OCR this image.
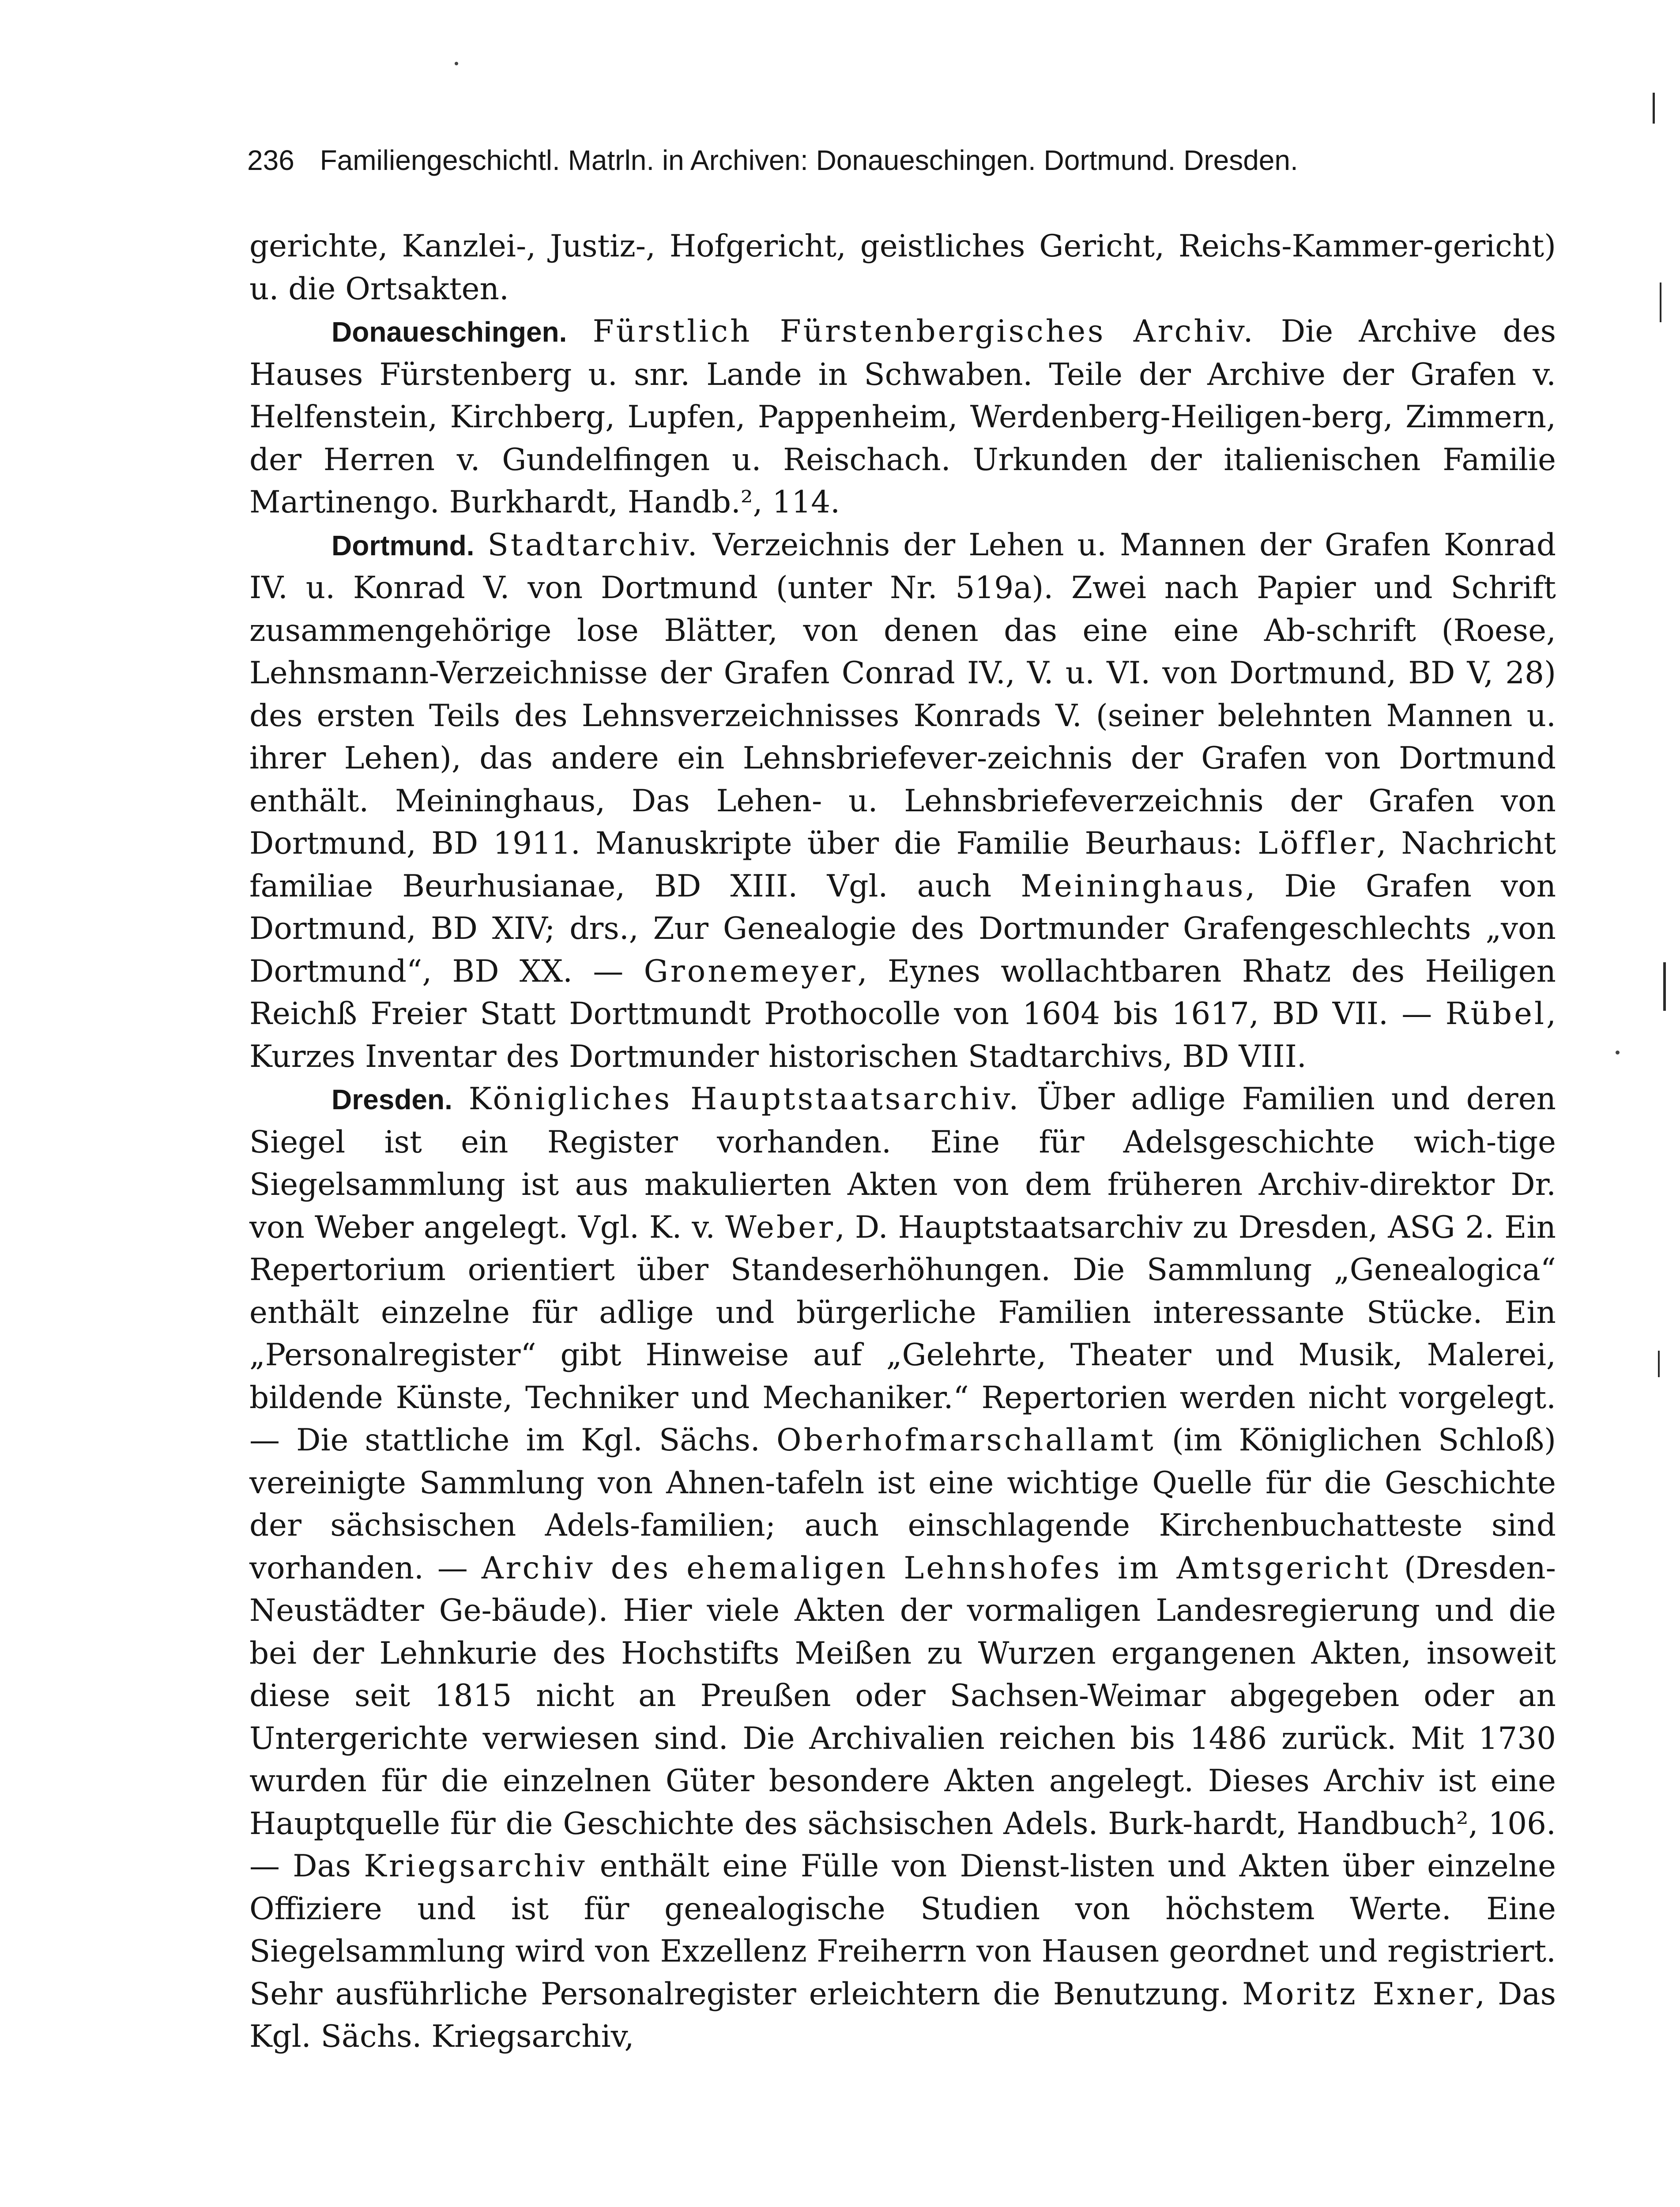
236 Familiengeschichtl. Matrln. in Archiven: Donaueschingen. Dortmund. Dresden.

gerichte, Kanzlei-, Justiz-, Hofgericht, geistliches Gericht, Reichs-Kammer-gericht) u. die Ortsakten.

Donaueschingen. Fürstlich Fürstenbergisches Archiv. Die Archive des Hauses Fürstenberg u. snr. Lande in Schwaben. Teile der Archive der Grafen v. Helfenstein, Kirchberg, Lupfen, Pappenheim, Werdenberg-Heiligen-berg, Zimmern, der Herren v. Gundelfingen u. Reischach. Urkunden der italienischen Familie Martinengo. Burkhardt, Handb.², 114.

Dortmund. Stadtarchiv. Verzeichnis der Lehen u. Mannen der Grafen Konrad IV. u. Konrad V. von Dortmund (unter Nr. 519a). Zwei nach Papier und Schrift zusammengehörige lose Blätter, von denen das eine eine Ab-schrift (Roese, Lehnsmann-Verzeichnisse der Grafen Conrad IV., V. u. VI. von Dortmund, BD V, 28) des ersten Teils des Lehnsverzeichnisses Konrads V. (seiner belehnten Mannen u. ihrer Lehen), das andere ein Lehnsbriefever-zeichnis der Grafen von Dortmund enthält. Meininghaus, Das Lehen- u. Lehnsbriefeverzeichnis der Grafen von Dortmund, BD 1911. Manuskripte über die Familie Beurhaus: Löffler, Nachricht familiae Beurhusianae, BD XIII. Vgl. auch Meininghaus, Die Grafen von Dortmund, BD XIV; drs., Zur Genealogie des Dortmunder Grafengeschlechts „von Dortmund“, BD XX. — Gronemeyer, Eynes wollachtbaren Rhatz des Heiligen Reichß Freier Statt Dorttmundt Prothocolle von 1604 bis 1617, BD VII. — Rübel, Kurzes Inventar des Dortmunder historischen Stadtarchivs, BD VIII.

Dresden. Königliches Hauptstaatsarchiv. Über adlige Familien und deren Siegel ist ein Register vorhanden. Eine für Adelsgeschichte wich-tige Siegelsammlung ist aus makulierten Akten von dem früheren Archiv-direktor Dr. von Weber angelegt. Vgl. K. v. Weber, D. Hauptstaatsarchiv zu Dresden, ASG 2. Ein Repertorium orientiert über Standeserhöhungen. Die Sammlung „Genealogica“ enthält einzelne für adlige und bürgerliche Familien interessante Stücke. Ein „Personalregister“ gibt Hinweise auf „Gelehrte, Theater und Musik, Malerei, bildende Künste, Techniker und Mechaniker.“ Repertorien werden nicht vorgelegt. — Die stattliche im Kgl. Sächs. Oberhofmarschallamt (im Königlichen Schloß) vereinigte Sammlung von Ahnen-tafeln ist eine wichtige Quelle für die Geschichte der sächsischen Adels-familien; auch einschlagende Kirchenbuchatteste sind vorhanden. — Archiv des ehemaligen Lehnshofes im Amtsgericht (Dresden-Neustädter Ge-bäude). Hier viele Akten der vormaligen Landesregierung und die bei der Lehnkurie des Hochstifts Meißen zu Wurzen ergangenen Akten, insoweit diese seit 1815 nicht an Preußen oder Sachsen-Weimar abgegeben oder an Untergerichte verwiesen sind. Die Archivalien reichen bis 1486 zurück. Mit 1730 wurden für die einzelnen Güter besondere Akten angelegt. Dieses Archiv ist eine Hauptquelle für die Geschichte des sächsischen Adels. Burk-hardt, Handbuch², 106. — Das Kriegsarchiv enthält eine Fülle von Dienst-listen und Akten über einzelne Offiziere und ist für genealogische Studien von höchstem Werte. Eine Siegelsammlung wird von Exzellenz Freiherrn von Hausen geordnet und registriert. Sehr ausführliche Personalregister erleichtern die Benutzung. Moritz Exner, Das Kgl. Sächs. Kriegsarchiv,
